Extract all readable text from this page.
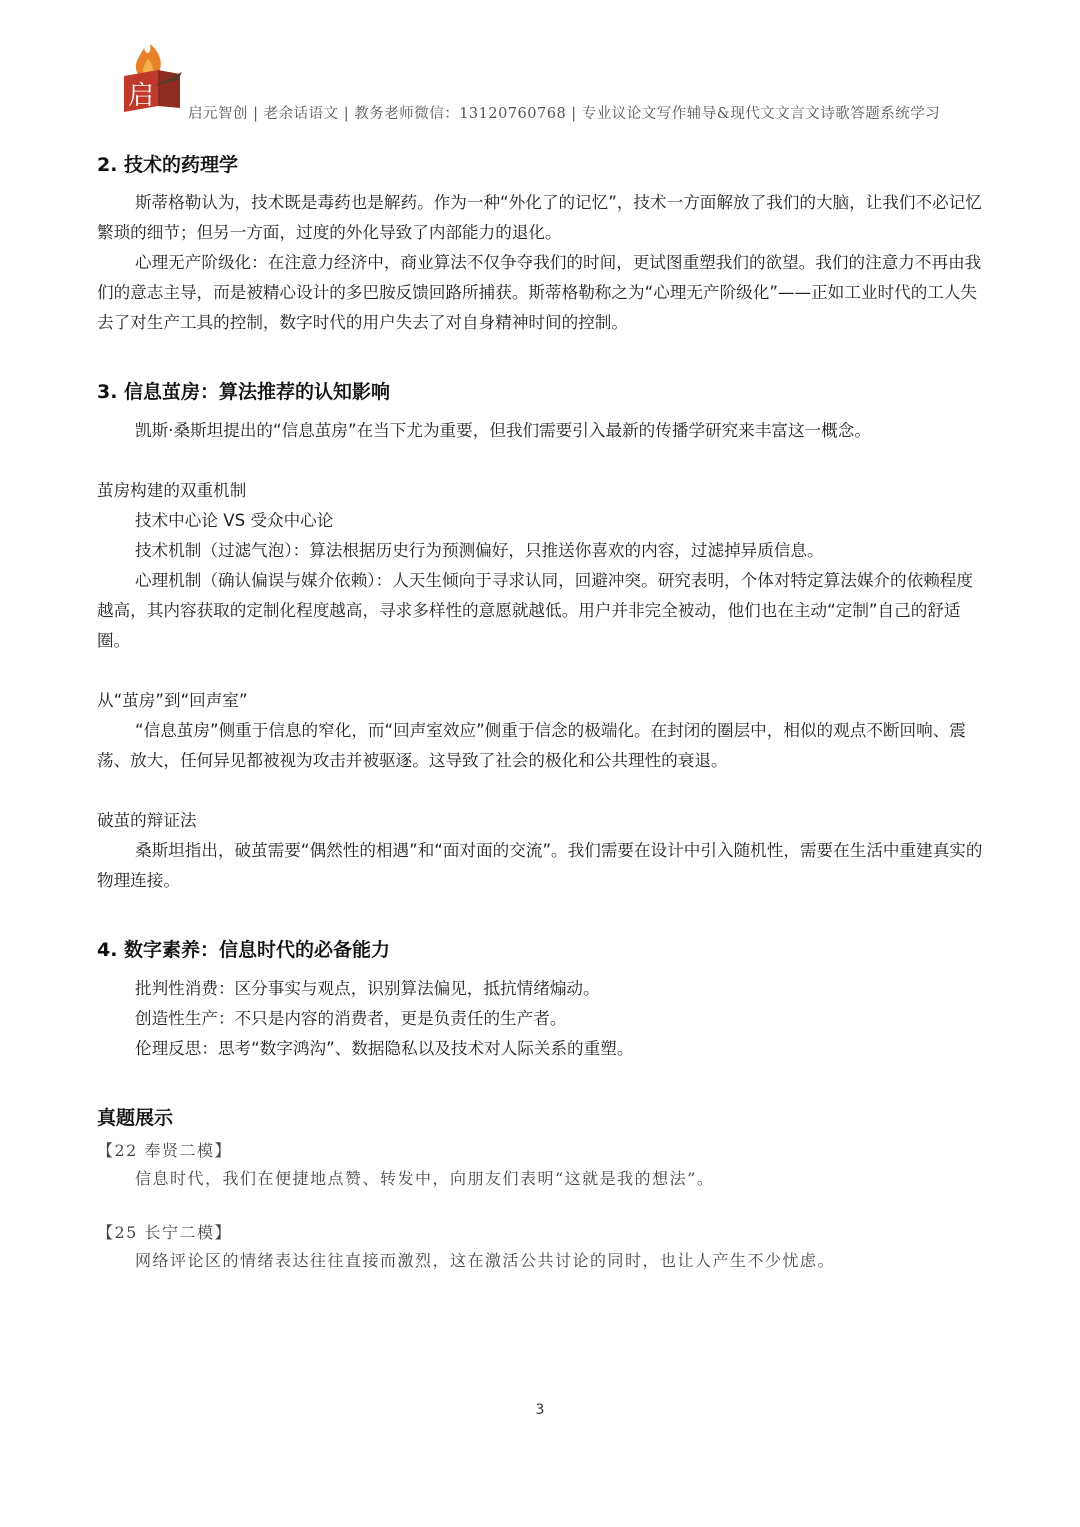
启
启元智创 | 老余话语文 | 教务老师微信：13120760768 | 专业议论文写作辅导&现代文文言文诗歌答题系统学习

2. 技术的药理学

斯蒂格勒认为，技术既是毒药也是解药。作为一种“外化了的记忆”，技术一方面解放了我们的大脑，让我们不必记忆繁琐的细节；但另一方面，过度的外化导致了内部能力的退化。

心理无产阶级化：在注意力经济中，商业算法不仅争夺我们的时间，更试图重塑我们的欲望。我们的注意力不再由我们的意志主导，而是被精心设计的多巴胺反馈回路所捕获。斯蒂格勒称之为“心理无产阶级化”——正如工业时代的工人失去了对生产工具的控制，数字时代的用户失去了对自身精神时间的控制。

3. 信息茧房：算法推荐的认知影响

凯斯·桑斯坦提出的“信息茧房”在当下尤为重要，但我们需要引入最新的传播学研究来丰富这一概念。

茧房构建的双重机制

技术中心论 VS 受众中心论

技术机制（过滤气泡）：算法根据历史行为预测偏好，只推送你喜欢的内容，过滤掉异质信息。

心理机制（确认偏误与媒介依赖）：人天生倾向于寻求认同，回避冲突。研究表明，个体对特定算法媒介的依赖程度越高，其内容获取的定制化程度越高，寻求多样性的意愿就越低。用户并非完全被动，他们也在主动“定制”自己的舒适圈。

从“茧房”到“回声室”

“信息茧房”侧重于信息的窄化，而“回声室效应”侧重于信念的极端化。在封闭的圈层中，相似的观点不断回响、震荡、放大，任何异见都被视为攻击并被驱逐。这导致了社会的极化和公共理性的衰退。

破茧的辩证法

桑斯坦指出，破茧需要“偶然性的相遇”和“面对面的交流”。我们需要在设计中引入随机性，需要在生活中重建真实的物理连接。

4. 数字素养：信息时代的必备能力

批判性消费：区分事实与观点，识别算法偏见，抵抗情绪煽动。

创造性生产：不只是内容的消费者，更是负责任的生产者。

伦理反思：思考“数字鸿沟”、数据隐私以及技术对人际关系的重塑。

真题展示

【22 奉贤二模】

信息时代，我们在便捷地点赞、转发中，向朋友们表明“这就是我的想法”。

【25 长宁二模】

网络评论区的情绪表达往往直接而激烈，这在激活公共讨论的同时，也让人产生不少忧虑。

3
